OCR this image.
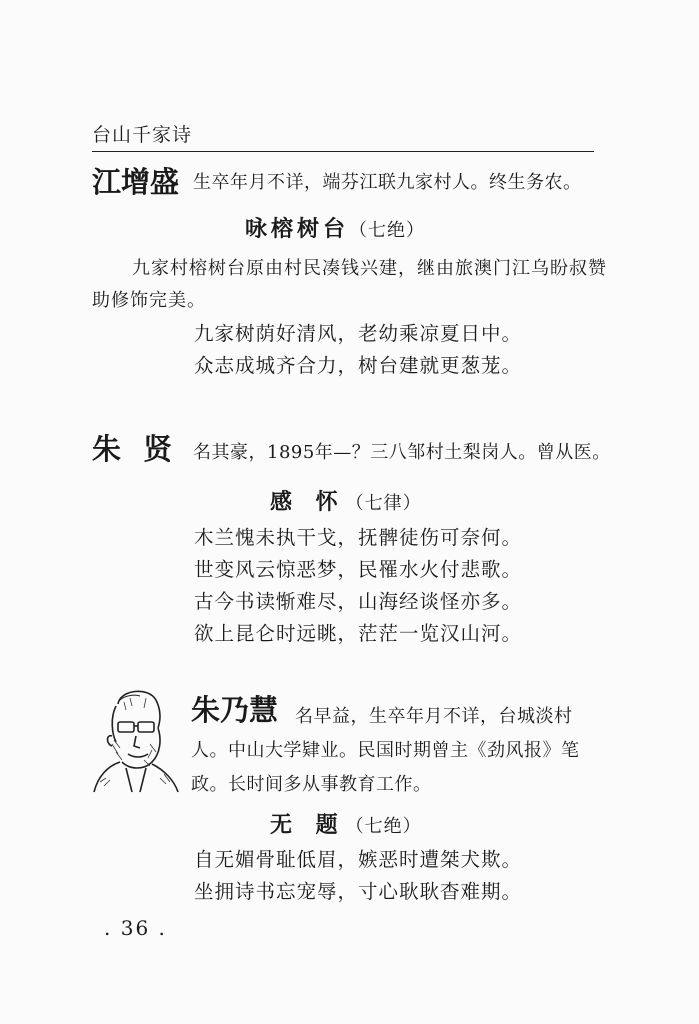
台山千家诗
江增盛 生卒年月不详，端芬江联九家村人。终生务农。
咏榕树台（七绝）
九家村榕树台原由村民凑钱兴建，继由旅澳门江乌盼叔赞助修饰完美。
九家树荫好清风，老幼乘凉夏日中。
众志成城齐合力，树台建就更葱茏。
朱 贤 名其豪，1895年—？三八邹村土梨岗人。曾从医。
感 怀（七律）
木兰愧未执干戈，抚髀徒伤可奈何。
世变风云惊恶梦，民罹水火付悲歌。
古今书读惭难尽，山海经谈怪亦多。
欲上昆仑时远眺，茫茫一览汉山河。
朱乃慧 名早益，生卒年月不详，台城淡村人。中山大学肄业。民国时期曾主《劲风报》笔政。长时间多从事教育工作。
无 题（七绝）
自无媚骨耻低眉，嫉恶时遭桀犬欺。
坐拥诗书忘宠辱，寸心耿耿杳难期。
. 36 .
